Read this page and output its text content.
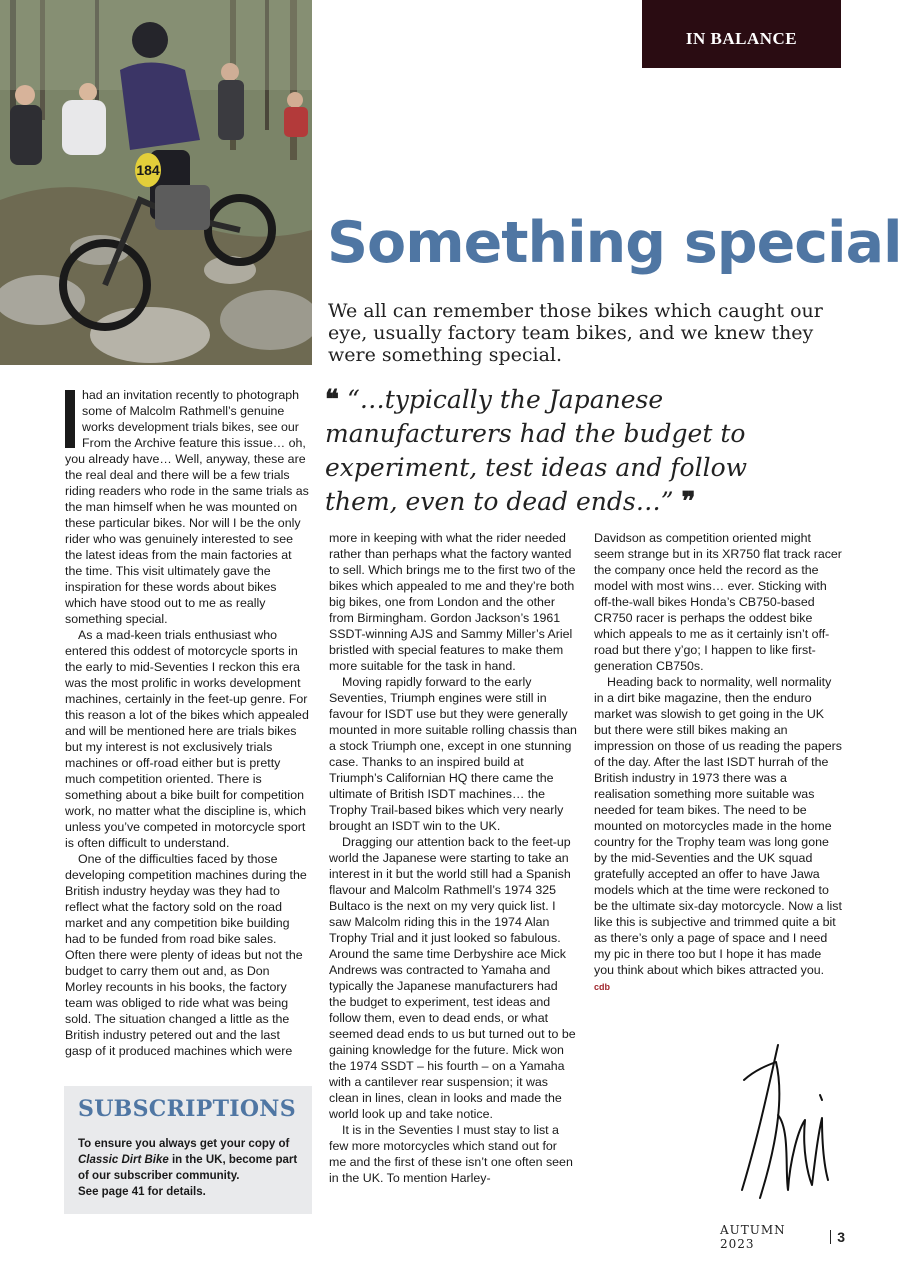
184
IN BALANCE
Something special
We all can remember those bikes which caught our eye, usually factory team bikes, and we knew they were something special.
❝ “…typically the Japanese manufacturers had the budget to experiment, test ideas and follow them, even to dead ends…” ❞

had an invitation recently to photograph some of Malcolm Rathmell’s genuine works development trials bikes, see our From the Archive feature this issue… oh, you already have… Well, anyway, these are the real deal and there will be a few trials riding readers who rode in the same trials as the man himself when he was mounted on these particular bikes. Nor will I be the only rider who was genuinely interested to see the latest ideas from the main factories at the time. This visit ultimately gave the inspiration for these words about bikes which have stood out to me as really something special.

As a mad-keen trials enthusiast who entered this oddest of motorcycle sports in the early to mid-Seventies I reckon this era was the most prolific in works development machines, certainly in the feet-up genre. For this reason a lot of the bikes which appealed and will be mentioned here are trials bikes but my interest is not exclusively trials machines or off-road either but is pretty much competition oriented. There is something about a bike built for competition work, no matter what the discipline is, which unless you’ve competed in motorcycle sport is often difficult to understand.

One of the difficulties faced by those developing competition machines during the British industry heyday was they had to reflect what the factory sold on the road market and any competition bike building had to be funded from road bike sales. Often there were plenty of ideas but not the budget to carry them out and, as Don Morley recounts in his books, the factory team was obliged to ride what was being sold. The situation changed a little as the British industry petered out and the last gasp of it produced machines which were

more in keeping with what the rider needed rather than perhaps what the factory wanted to sell. Which brings me to the first two of the bikes which appealed to me and they’re both big bikes, one from London and the other from Birmingham. Gordon Jackson’s 1961 SSDT-winning AJS and Sammy Miller’s Ariel bristled with special features to make them more suitable for the task in hand.

Moving rapidly forward to the early Seventies, Triumph engines were still in favour for ISDT use but they were generally mounted in more suitable rolling chassis than a stock Triumph one, except in one stunning case. Thanks to an inspired build at Triumph’s Californian HQ there came the ultimate of British ISDT machines… the Trophy Trail-based bikes which very nearly brought an ISDT win to the UK.

Dragging our attention back to the feet-up world the Japanese were starting to take an interest in it but the world still had a Spanish flavour and Malcolm Rathmell’s 1974 325 Bultaco is the next on my very quick list. I saw Malcolm riding this in the 1974 Alan Trophy Trial and it just looked so fabulous. Around the same time Derbyshire ace Mick Andrews was contracted to Yamaha and typically the Japanese manufacturers had the budget to experiment, test ideas and follow them, even to dead ends, or what seemed dead ends to us but turned out to be gaining knowledge for the future. Mick won the 1974 SSDT – his fourth – on a Yamaha with a cantilever rear suspension; it was clean in lines, clean in looks and made the world look up and take notice.

It is in the Seventies I must stay to list a few more motorcycles which stand out for me and the first of these isn’t one often seen in the UK. To mention Harley-

Davidson as competition oriented might seem strange but in its XR750 flat track racer the company once held the record as the model with most wins… ever. Sticking with off-the-wall bikes Honda’s CB750-based CR750 racer is perhaps the oddest bike which appeals to me as it certainly isn’t off-road but there y’go; I happen to like first-generation CB750s.

Heading back to normality, well normality in a dirt bike magazine, then the enduro market was slowish to get going in the UK but there were still bikes making an impression on those of us reading the papers of the day. After the last ISDT hurrah of the British industry in 1973 there was a realisation something more suitable was needed for team bikes. The need to be mounted on motorcycles made in the home country for the Trophy team was long gone by the mid-Seventies and the UK squad gratefully accepted an offer to have Jawa models which at the time were reckoned to be the ultimate six-day motorcycle. Now a list like this is subjective and trimmed quite a bit as there’s only a page of space and I need my pic in there too but I hope it has made you think about which bikes attracted you. cdb

SUBSCRIPTIONS
To ensure you always get your copy of Classic Dirt Bike in the UK, become part of our subscriber community.
See page 41 for details.
AUTUMN 2023	3
